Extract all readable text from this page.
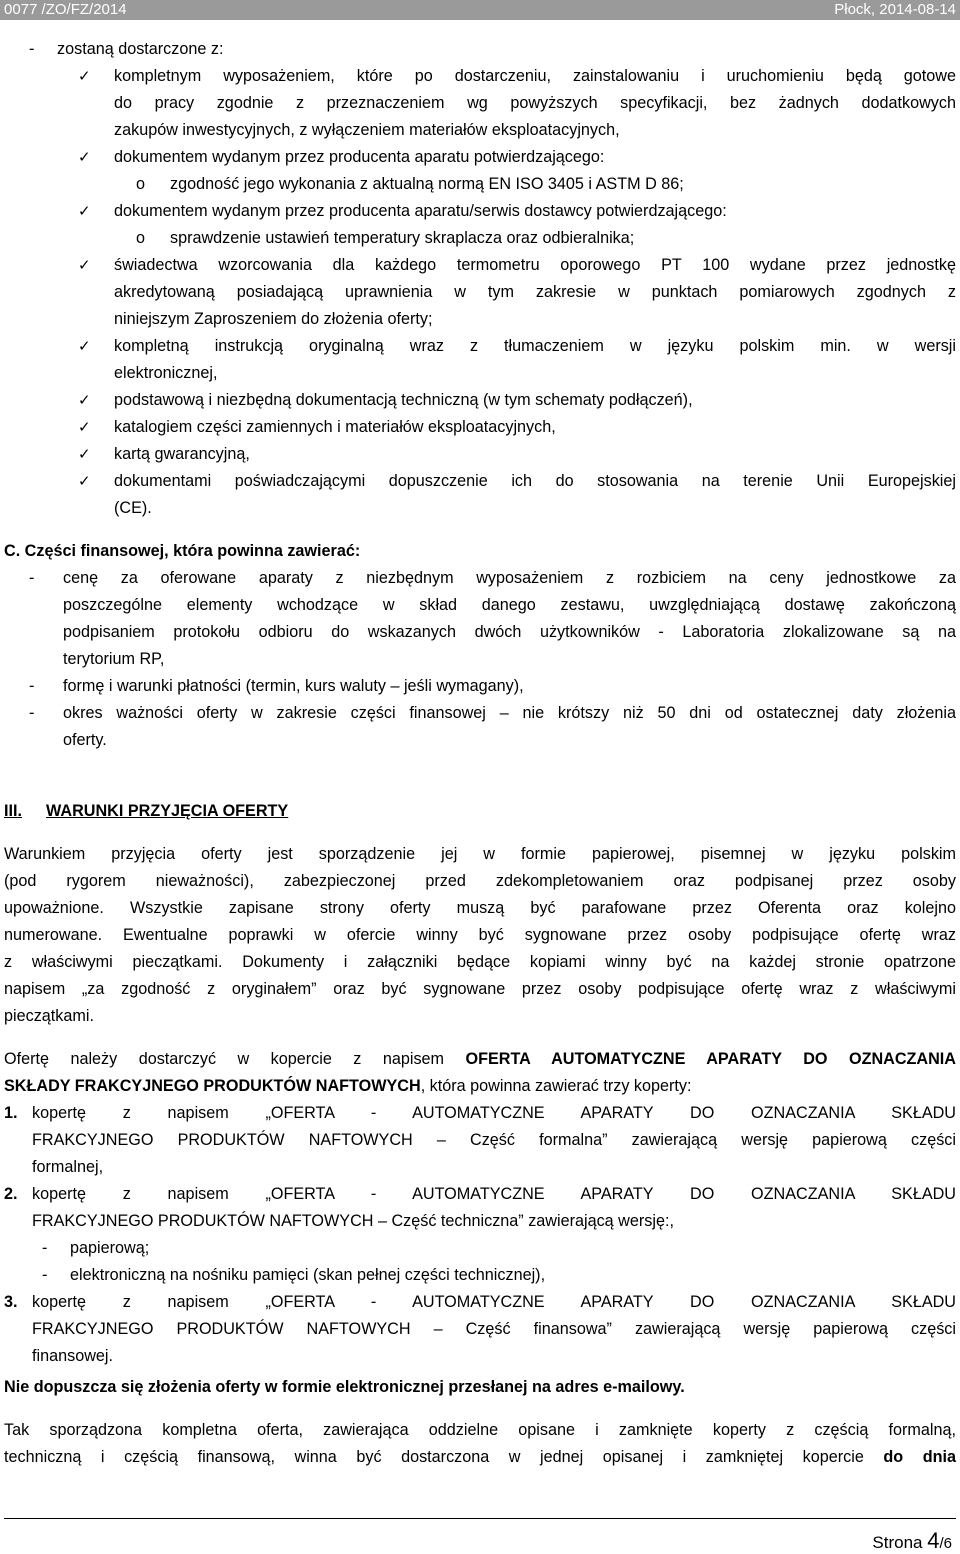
0077 /ZO/FZ/2014	Płock, 2014-08-14
-	zostaną dostarczone z:
✓	kompletnym wyposażeniem, które po dostarczeniu, zainstalowaniu i uruchomieniu będą gotowe
do pracy zgodnie z przeznaczeniem wg powyższych specyfikacji, bez żadnych dodatkowych
zakupów inwestycyjnych, z wyłączeniem materiałów eksploatacyjnych,
✓	dokumentem wydanym przez producenta aparatu potwierdzającego:
o	zgodność jego wykonania z aktualną normą EN ISO 3405 i ASTM D 86;
✓	dokumentem wydanym przez producenta aparatu/serwis dostawcy potwierdzającego:
o	sprawdzenie ustawień temperatury skraplacza oraz odbieralnika;
✓	świadectwa wzorcowania dla każdego termometru oporowego PT 100 wydane przez jednostkę
akredytowaną posiadającą uprawnienia w tym zakresie w punktach pomiarowych zgodnych z
niniejszym Zaproszeniem do złożenia oferty;
✓	kompletną instrukcją oryginalną wraz z tłumaczeniem w języku polskim min. w wersji
elektronicznej,
✓	podstawową i niezbędną dokumentacją techniczną (w tym schematy podłączeń),
✓	katalogiem części zamiennych i materiałów eksploatacyjnych,
✓	kartą gwarancyjną,
✓	dokumentami poświadczającymi dopuszczenie ich do stosowania na terenie Unii Europejskiej
(CE).
C. Części finansowej, która powinna zawierać:
-	cenę za oferowane aparaty z niezbędnym wyposażeniem z rozbiciem na ceny jednostkowe za
poszczególne elementy wchodzące w skład danego zestawu, uwzględniającą dostawę zakończoną
podpisaniem protokołu odbioru do wskazanych dwóch użytkowników - Laboratoria zlokalizowane są na
terytorium RP,
-	formę i warunki płatności (termin, kurs waluty – jeśli wymagany),
-	okres ważności oferty w zakresie części finansowej – nie krótszy niż 50 dni od ostatecznej daty złożenia
oferty.
III.	WARUNKI PRZYJĘCIA OFERTY
Warunkiem przyjęcia oferty jest sporządzenie jej w formie papierowej, pisemnej w języku polskim
(pod rygorem nieważności), zabezpieczonej przed zdekompletowaniem oraz podpisanej przez osoby
upoważnione. Wszystkie zapisane strony oferty muszą być parafowane przez Oferenta oraz kolejno
numerowane. Ewentualne poprawki w ofercie winny być sygnowane przez osoby podpisujące ofertę wraz
z właściwymi pieczątkami. Dokumenty i załączniki będące kopiami winny być na każdej stronie opatrzone
napisem „za zgodność z oryginałem” oraz być sygnowane przez osoby podpisujące ofertę wraz z właściwymi
pieczątkami.
Ofertę należy dostarczyć w kopercie z napisem OFERTA AUTOMATYCZNE APARATY DO OZNACZANIA
SKŁADY FRAKCYJNEGO PRODUKTÓW NAFTOWYCH, która powinna zawierać trzy koperty:
1. kopertę z napisem „OFERTA - AUTOMATYCZNE APARATY DO OZNACZANIA SKŁADU
FRAKCYJNEGO PRODUKTÓW NAFTOWYCH – Część formalna” zawierającą wersję papierową części
formalnej,
2. kopertę z napisem „OFERTA - AUTOMATYCZNE APARATY DO OZNACZANIA SKŁADU
FRAKCYJNEGO PRODUKTÓW NAFTOWYCH – Część techniczna” zawierającą wersję:,
-	papierową;
-	elektroniczną na nośniku pamięci (skan pełnej części technicznej),
3. kopertę z napisem „OFERTA - AUTOMATYCZNE APARATY DO OZNACZANIA SKŁADU
FRAKCYJNEGO PRODUKTÓW NAFTOWYCH – Część finansowa” zawierającą wersję papierową części
finansowej.
Nie dopuszcza się złożenia oferty w formie elektronicznej przesłanej na adres e-mailowy.
Tak sporządzona kompletna oferta, zawierająca oddzielne opisane i zamknięte koperty z częścią formalną,
techniczną i częścią finansową, winna być dostarczona w jednej opisanej i zamkniętej kopercie do dnia
Strona 4/6
